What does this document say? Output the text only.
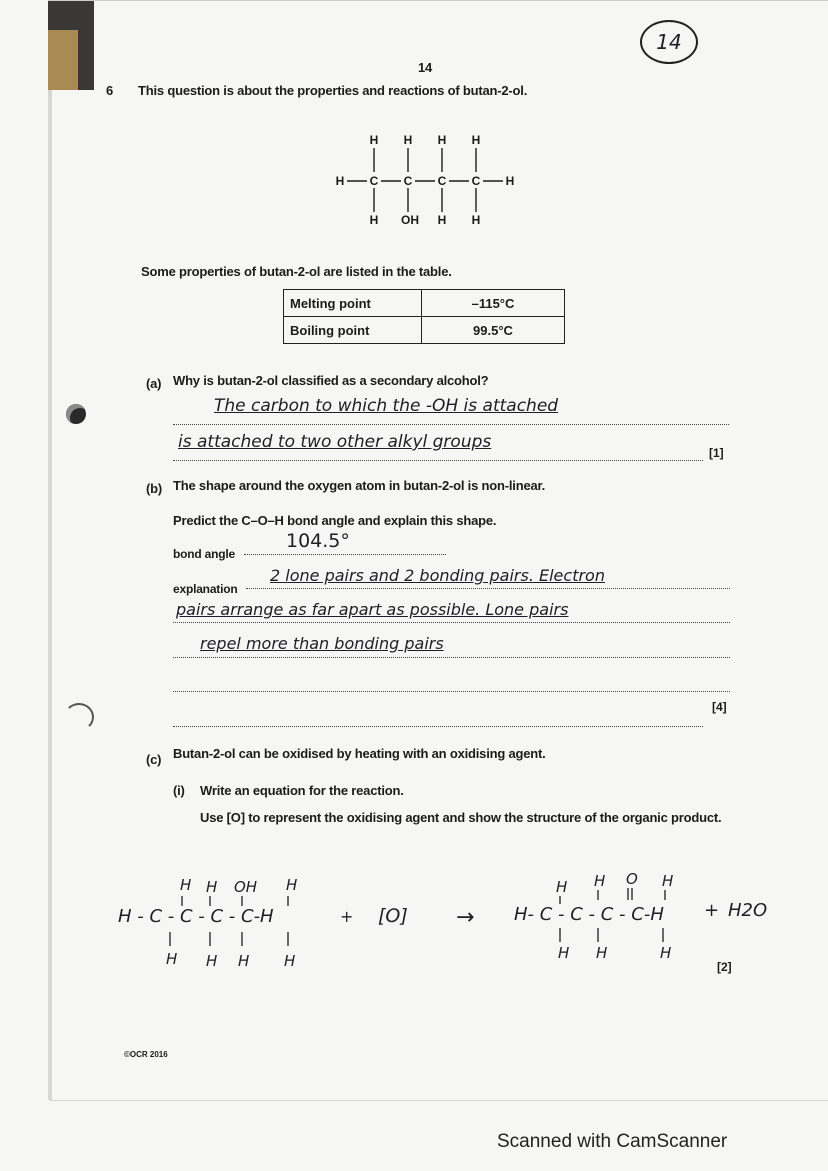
14
14
6 This question is about the properties and reactions of butan-2-ol.
H H H H
H C C C C H
H OH H H
Some properties of butan-2-ol are listed in the table.
Melting point	–115°C
Boiling point	99.5°C
(a) Why is butan-2-ol classified as a secondary alcohol?
The carbon to which the -OH is attached
is attached to two other alkyl groups
[1]
(b) The shape around the oxygen atom in butan-2-ol is non-linear.
Predict the C–O–H bond angle and explain this shape.
bond angle
104.5°
explanation
2 lone pairs and 2 bonding pairs. Electron
pairs arrange as far apart as possible. Lone pairs
repel more than bonding pairs
[4]
(c) Butan-2-ol can be oxidised by heating with an oxidising agent.
(i) Write an equation for the reaction.
Use [O] to represent the oxidising agent and show the structure of the organic product.
H H OH H
H - C - C - C - C-H
H H H H
+ [O] →
H H O H
H- C - C - C - C-H
H H	H
+ H2O
[2]
©OCR 2016
Scanned with CamScanner
